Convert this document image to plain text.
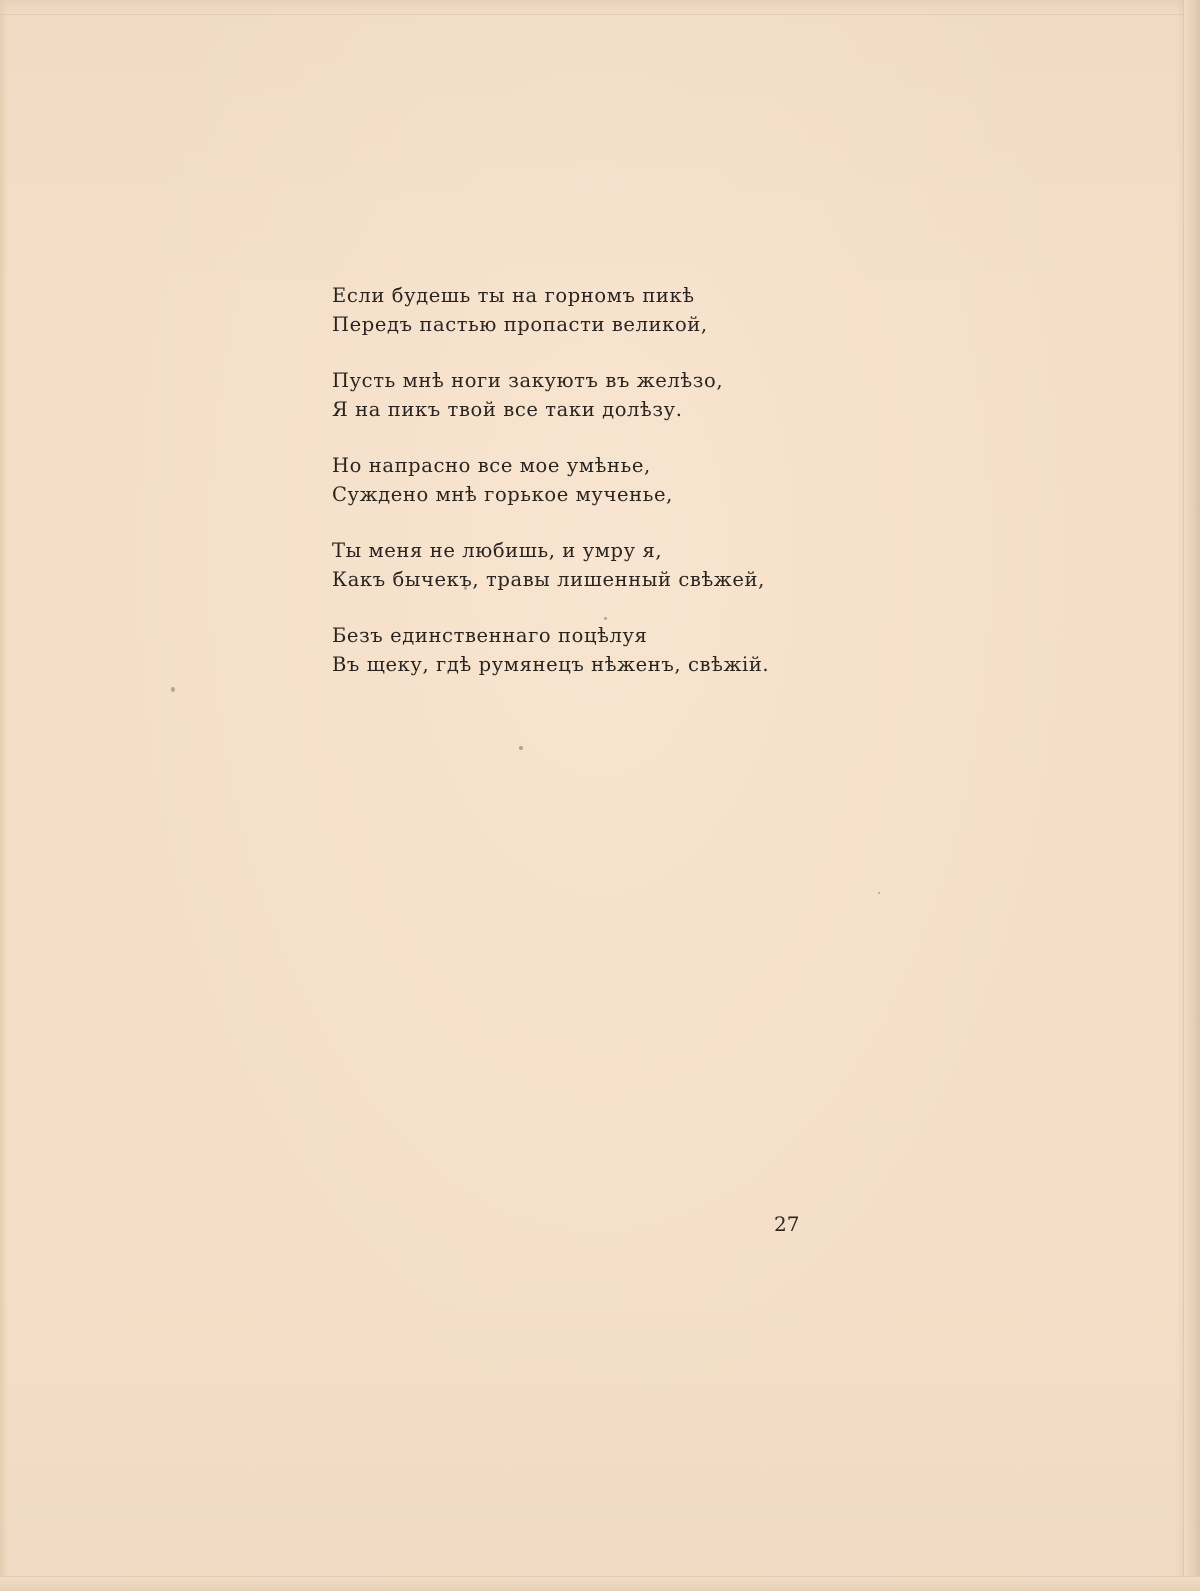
Если будешь ты на горномъ пикѣ
Передъ пастью пропасти великой,
Пусть мнѣ ноги закуютъ въ желѣзо,
Я на пикъ твой все таки долѣзу.
Но напрасно все мое умѣнье,
Суждено мнѣ горькое мученье,
Ты меня не любишь, и умру я,
Какъ бычекъ, травы лишенный свѣжей,
Безъ единственнаго поцѣлуя
Въ щеку, гдѣ румянецъ нѣженъ, свѣжій.
27
